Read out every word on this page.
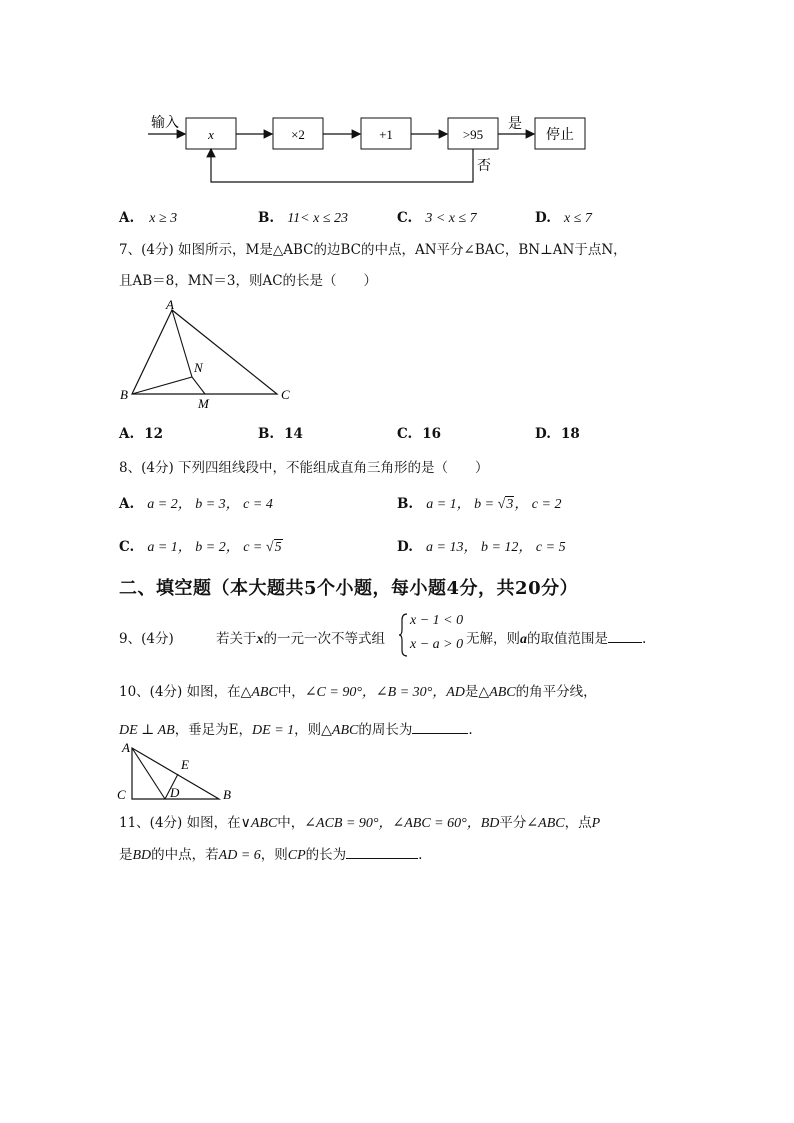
输入
x	×2	+1	>95
是
停止
否
A. x ≥ 3	B. 11< x ≤ 23	C. 3 < x ≤ 7	D. x ≤ 7
7、(4分) 如图所示，M是△ABC的边BC的中点，AN平分∠BAC，BN⊥AN于点N，
且AB＝8，MN＝3，则AC的长是（　　）
A
B	C
N
M
A. 12	B. 14	C. 16	D. 18
8、(4分) 下列四组线段中，不能组成直角三角形的是（　　）
A. a = 2， b = 3， c = 4	B. a = 1， b = √3， c = 2
C. a = 1， b = 2， c = √5	D. a = 13， b = 12， c = 5
二、填空题（本大题共5个小题，每小题4分，共20分）
9、(4分)	若关于x的一元一次不等式组
x − 1 < 0
x − a > 0 无解，则a的取值范围是	.
10、(4分) 如图，在△ABC中，∠C = 90°，∠B = 30°，AD是△ABC的角平分线，
DE ⊥ AB，垂足为E，DE = 1，则△ABC的周长为	.
A
C	D
E
B
11、(4分) 如图，在∨ABC中，∠ACB = 90°，∠ABC = 60°，BD平分∠ABC，点P
是BD的中点，若AD = 6，则CP的长为	.
